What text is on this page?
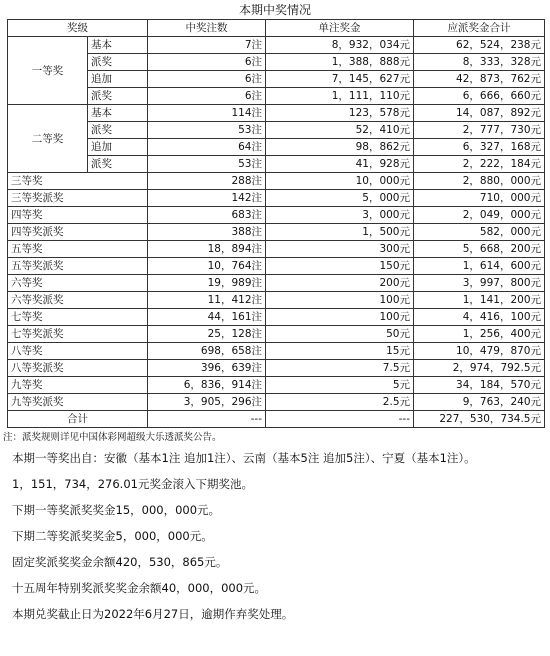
本期中奖情况
奖级		中奖注数	单注奖金	应派奖金合计
一等奖	基本	7注	8，932，034元	62，524，238元
	派奖	6注	1，388，888元	8，333，328元
	追加	6注	7，145，627元	42，873，762元
	派奖	6注	1，111，110元	6，666，660元
二等奖	基本	114注	123，578元	14，087，892元
	派奖	53注	52，410元	2，777，730元
	追加	64注	98，862元	6，327，168元
	派奖	53注	41，928元	2，222，184元
三等奖		288注	10，000元	2，880，000元
三等奖派奖		142注	5，000元	710，000元
四等奖		683注	3，000元	2，049，000元
四等奖派奖		388注	1，500元	582，000元
五等奖		18，894注	300元	5，668，200元
五等奖派奖		10，764注	150元	1，614，600元
六等奖		19，989注	200元	3，997，800元
六等奖派奖		11，412注	100元	1，141，200元
七等奖		44，161注	100元	4，416，100元
七等奖派奖		25，128注	50元	1，256，400元
八等奖		698，658注	15元	10，479，870元
八等奖派奖		396，639注	7.5元	2，974，792.5元
九等奖		6，836，914注	5元	34，184，570元
九等奖派奖		3，905，296注	2.5元	9，763，240元
合计		---	---	227，530，734.5元
注：派奖规则详见中国体彩网超级大乐透派奖公告。
本期一等奖出自：安徽（基本1注 追加1注）、云南（基本5注 追加5注）、宁夏（基本1注）。
1，151，734，276.01元奖金滚入下期奖池。
下期一等奖派奖奖金15，000，000元。
下期二等奖派奖奖金5，000，000元。
固定奖派奖奖金余额420，530，865元。
十五周年特别奖派奖奖金余额40，000，000元。
本期兑奖截止日为2022年6月27日，逾期作弃奖处理。
